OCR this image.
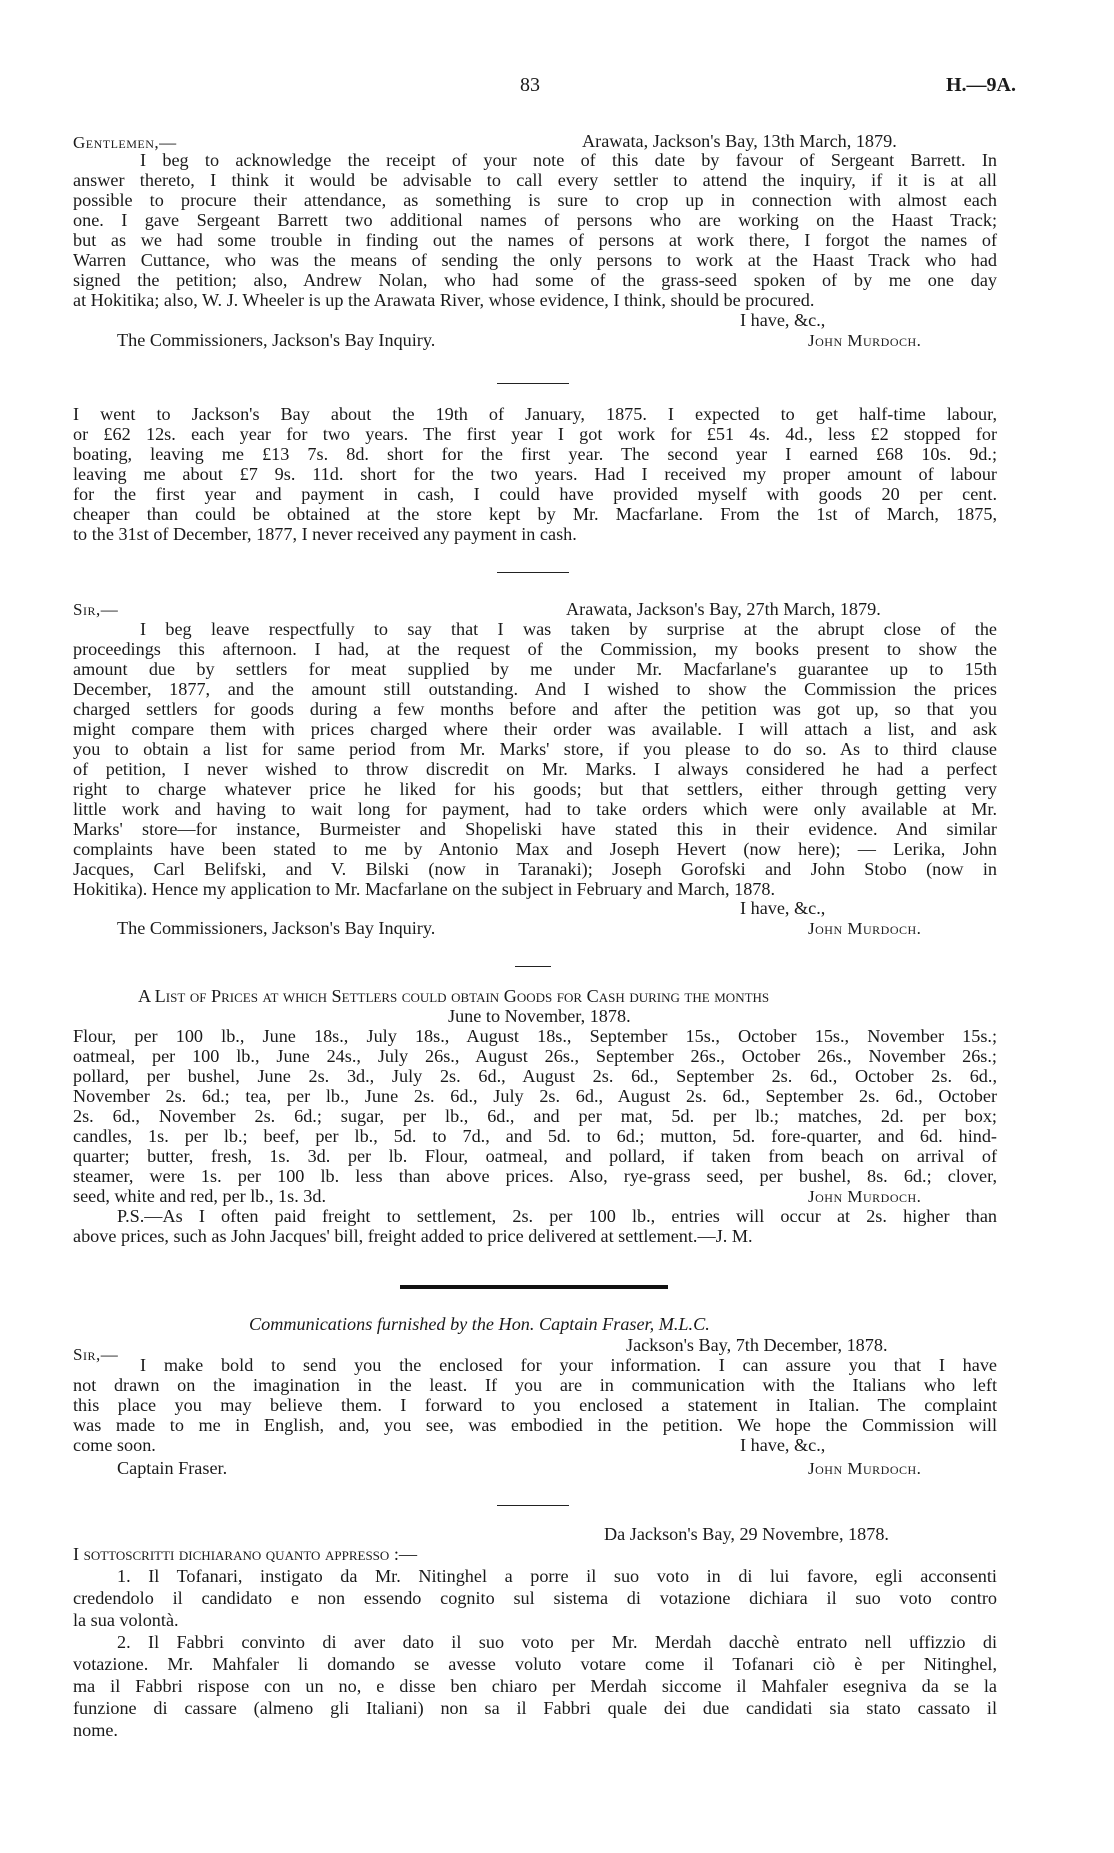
83	H.—9A.
Gentlemen,—	Arawata, Jackson's Bay, 13th March, 1879.
I beg to acknowledge the receipt of your note of this date by favour of Sergeant Barrett. In
answer thereto, I think it would be advisable to call every settler to attend the inquiry, if it is at all
possible to procure their attendance, as something is sure to crop up in connection with almost each
one. I gave Sergeant Barrett two additional names of persons who are working on the Haast Track;
but as we had some trouble in finding out the names of persons at work there, I forgot the names of
Warren Cuttance, who was the means of sending the only persons to work at the Haast Track who had
signed the petition; also, Andrew Nolan, who had some of the grass-seed spoken of by me one day
at Hokitika; also, W. J. Wheeler is up the Arawata River, whose evidence, I think, should be procured.
I have, &c.,
The Commissioners, Jackson's Bay Inquiry.	John Murdoch.
I went to Jackson's Bay about the 19th of January, 1875. I expected to get half-time labour,
or £62 12s. each year for two years. The first year I got work for £51 4s. 4d., less £2 stopped for
boating, leaving me £13 7s. 8d. short for the first year. The second year I earned £68 10s. 9d.;
leaving me about £7 9s. 11d. short for the two years. Had I received my proper amount of labour
for the first year and payment in cash, I could have provided myself with goods 20 per cent.
cheaper than could be obtained at the store kept by Mr. Macfarlane. From the 1st of March, 1875,
to the 31st of December, 1877, I never received any payment in cash.
Sir,—	Arawata, Jackson's Bay, 27th March, 1879.
I beg leave respectfully to say that I was taken by surprise at the abrupt close of the
proceedings this afternoon. I had, at the request of the Commission, my books present to show the
amount due by settlers for meat supplied by me under Mr. Macfarlane's guarantee up to 15th
December, 1877, and the amount still outstanding. And I wished to show the Commission the prices
charged settlers for goods during a few months before and after the petition was got up, so that you
might compare them with prices charged where their order was available. I will attach a list, and ask
you to obtain a list for same period from Mr. Marks' store, if you please to do so. As to third clause
of petition, I never wished to throw discredit on Mr. Marks. I always considered he had a perfect
right to charge whatever price he liked for his goods; but that settlers, either through getting very
little work and having to wait long for payment, had to take orders which were only available at Mr.
Marks' store—for instance, Burmeister and Shopeliski have stated this in their evidence. And similar
complaints have been stated to me by Antonio Max and Joseph Hevert (now here); — Lerika, John
Jacques, Carl Belifski, and V. Bilski (now in Taranaki); Joseph Gorofski and John Stobo (now in
Hokitika). Hence my application to Mr. Macfarlane on the subject in February and March, 1878.
I have, &c.,
The Commissioners, Jackson's Bay Inquiry.	John Murdoch.
A List of Prices at which Settlers could obtain Goods for Cash during the months
June to November, 1878.
Flour, per 100 lb., June 18s., July 18s., August 18s., September 15s., October 15s., November 15s.;
oatmeal, per 100 lb., June 24s., July 26s., August 26s., September 26s., October 26s., November 26s.;
pollard, per bushel, June 2s. 3d., July 2s. 6d., August 2s. 6d., September 2s. 6d., October 2s. 6d.,
November 2s. 6d.; tea, per lb., June 2s. 6d., July 2s. 6d., August 2s. 6d., September 2s. 6d., October
2s. 6d., November 2s. 6d.; sugar, per lb., 6d., and per mat, 5d. per lb.; matches, 2d. per box;
candles, 1s. per lb.; beef, per lb., 5d. to 7d., and 5d. to 6d.; mutton, 5d. fore-quarter, and 6d. hind-
quarter; butter, fresh, 1s. 3d. per lb. Flour, oatmeal, and pollard, if taken from beach on arrival of
steamer, were 1s. per 100 lb. less than above prices. Also, rye-grass seed, per bushel, 8s. 6d.; clover,
seed, white and red, per lb., 1s. 3d.	John Murdoch.
P.S.—As I often paid freight to settlement, 2s. per 100 lb., entries will occur at 2s. higher than
above prices, such as John Jacques' bill, freight added to price delivered at settlement.—J. M.
Communications furnished by the Hon. Captain Fraser, M.L.C.
Sir,—	Jackson's Bay, 7th December, 1878.
I make bold to send you the enclosed for your information. I can assure you that I have
not drawn on the imagination in the least. If you are in communication with the Italians who left
this place you may believe them. I forward to you enclosed a statement in Italian. The complaint
was made to me in English, and, you see, was embodied in the petition. We hope the Commission will
come soon.	I have, &c.,
Captain Fraser.	John Murdoch.
Da Jackson's Bay, 29 Novembre, 1878.
I sottoscritti dichiarano quanto appresso :—
1. Il Tofanari, instigato da Mr. Nitinghel a porre il suo voto in di lui favore, egli acconsenti
credendolo il candidato e non essendo cognito sul sistema di votazione dichiara il suo voto contro
la sua volontà.
2. Il Fabbri convinto di aver dato il suo voto per Mr. Merdah dacchè entrato nell uffizzio di
votazione. Mr. Mahfaler li domando se avesse voluto votare come il Tofanari ciò è per Nitinghel,
ma il Fabbri rispose con un no, e disse ben chiaro per Merdah siccome il Mahfaler esegniva da se la
funzione di cassare (almeno gli Italiani) non sa il Fabbri quale dei due candidati sia stato cassato il
nome.
